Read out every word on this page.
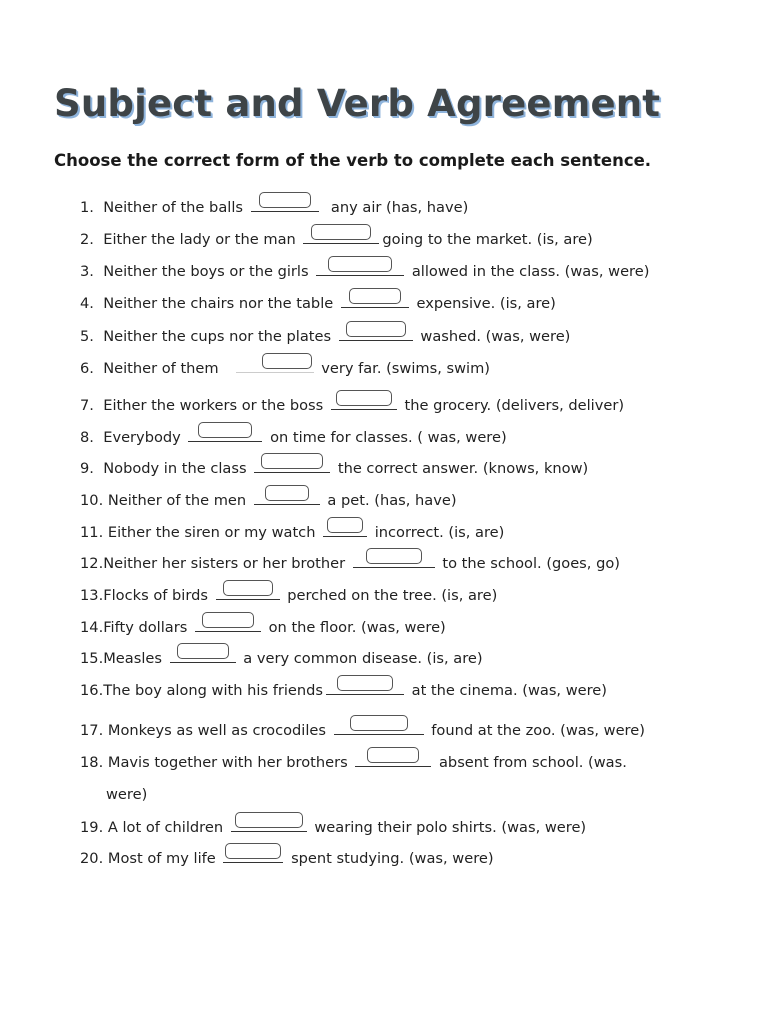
Subject and Verb Agreement
Choose the correct form of the verb to complete each sentence.
1. Neither of the balls	any air (has, have)
2. Either the lady or the man	going to the market. (is, are)
3. Neither the boys or the girls	allowed in the class. (was, were)
4. Neither the chairs nor the table	expensive. (is, are)
5. Neither the cups nor the plates	washed. (was, were)
6. Neither of them	very far. (swims, swim)
7. Either the workers or the boss	the grocery. (delivers, deliver)
8. Everybody	on time for classes. ( was, were)
9. Nobody in the class	the correct answer. (knows, know)
10. Neither of the men	a pet. (has, have)
11. Either the siren or my watch	incorrect. (is, are)
12.Neither her sisters or her brother	to the school. (goes, go)
13.Flocks of birds	perched on the tree. (is, are)
14.Fifty dollars	on the floor. (was, were)
15.Measles	a very common disease. (is, are)
16.The boy along with his friends	at the cinema. (was, were)
17. Monkeys as well as crocodiles	found at the zoo. (was, were)
18. Mavis together with her brothers	absent from school. (was.
were)
19. A lot of children	wearing their polo shirts. (was, were)
20. Most of my life	spent studying. (was, were)
